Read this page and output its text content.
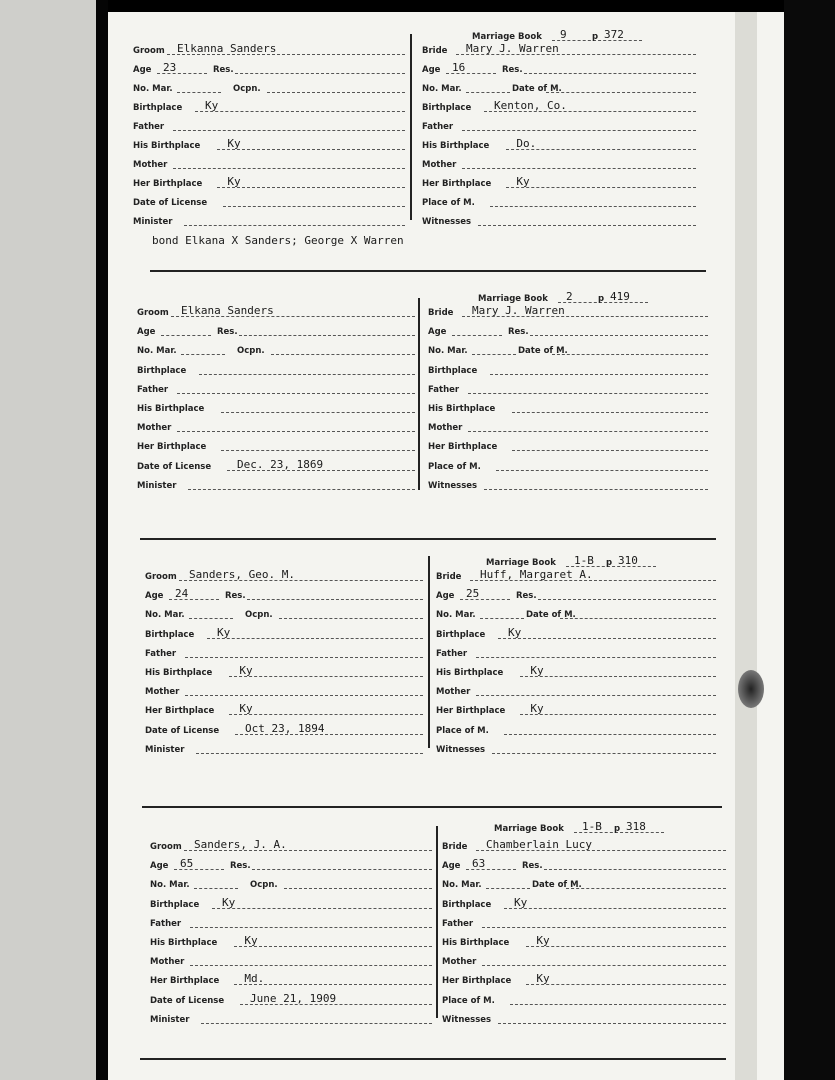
Marriage Book 9	p 372
Groom Elkanna Sanders
Age 23	Res.
No. Mar.	Ocpn.
Birthplace Ky
Father
His Birthplace Ky
Mother
Her Birthplace Ky
Date of License
Minister
Bride Mary J. Warren
Age 16	Res.
No. Mar.	Date of M.
Birthplace Kenton, Co.
Father
His Birthplace Do.
Mother
Her Birthplace Ky
Place of M.
Witnesses
bond Elkana X Sanders; George X Warren
Marriage Book 2	p 419
Groom Elkana Sanders
Age	Res.
No. Mar.	Ocpn.
Birthplace
Father
His Birthplace
Mother
Her Birthplace
Date of License Dec. 23, 1869
Minister
Bride Mary J. Warren
Age	Res.
No. Mar.	Date of M.
Birthplace
Father
His Birthplace
Mother
Her Birthplace
Place of M.
Witnesses
Marriage Book 1-B p 310
Groom Sanders, Geo. M.
Age 24	Res.
No. Mar.	Ocpn.
Birthplace Ky
Father
His Birthplace Ky
Mother
Her Birthplace Ky
Date of License Oct 23, 1894
Minister
Bride Huff, Margaret A.
Age 25	Res.
No. Mar.	Date of M.
Birthplace Ky
Father
His Birthplace Ky
Mother
Her Birthplace Ky
Place of M.
Witnesses
Marriage Book 1-B p 318
Groom Sanders, J. A.
Age 65	Res.
No. Mar.	Ocpn.
Birthplace Ky
Father
His Birthplace Ky
Mother
Her Birthplace Md.
Date of License June 21, 1909
Minister
Bride Chamberlain Lucy
Age 63	Res.
No. Mar.	Date of M.
Birthplace Ky
Father
His Birthplace Ky
Mother
Her Birthplace Ky
Place of M.
Witnesses
